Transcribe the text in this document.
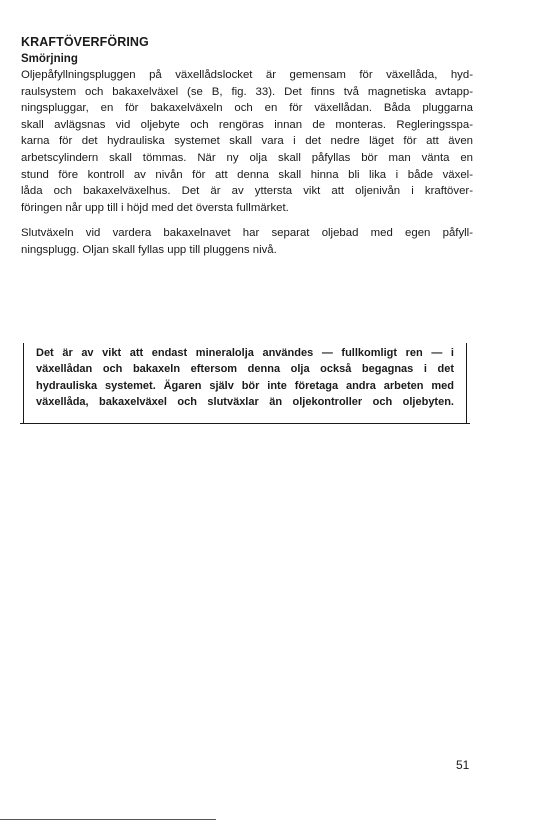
KRAFTÖVERFÖRING
Smörjning

Oljepåfyllningspluggen på växellådslocket är gemensam för växellåda, hyd-
raulsystem och bakaxelväxel (se B, fig. 33). Det finns två magnetiska avtapp-
ningspluggar, en för bakaxelväxeln och en för växellådan. Båda pluggarna
skall avlägsnas vid oljebyte och rengöras innan de monteras. Regleringsspa-
karna för det hydrauliska systemet skall vara i det nedre läget för att även
arbetscylindern skall tömmas. När ny olja skall påfyllas bör man vänta en
stund före kontroll av nivån för att denna skall hinna bli lika i både växel-
låda och bakaxelväxelhus. Det är av yttersta vikt att oljenivån i kraftöver-
föringen når upp till i höjd med det översta fullmärket.

Slutväxeln vid vardera bakaxelnavet har separat oljebad med egen påfyll-
ningsplugg. Oljan skall fyllas upp till pluggens nivå.

Det är av vikt att endast mineralolja användes — fullkomligt ren — i
växellådan och bakaxeln eftersom denna olja också begagnas i det
hydrauliska systemet. Ägaren själv bör inte företaga andra arbeten med
växellåda, bakaxelväxel och slutväxlar än oljekontroller och oljebyten.

51
